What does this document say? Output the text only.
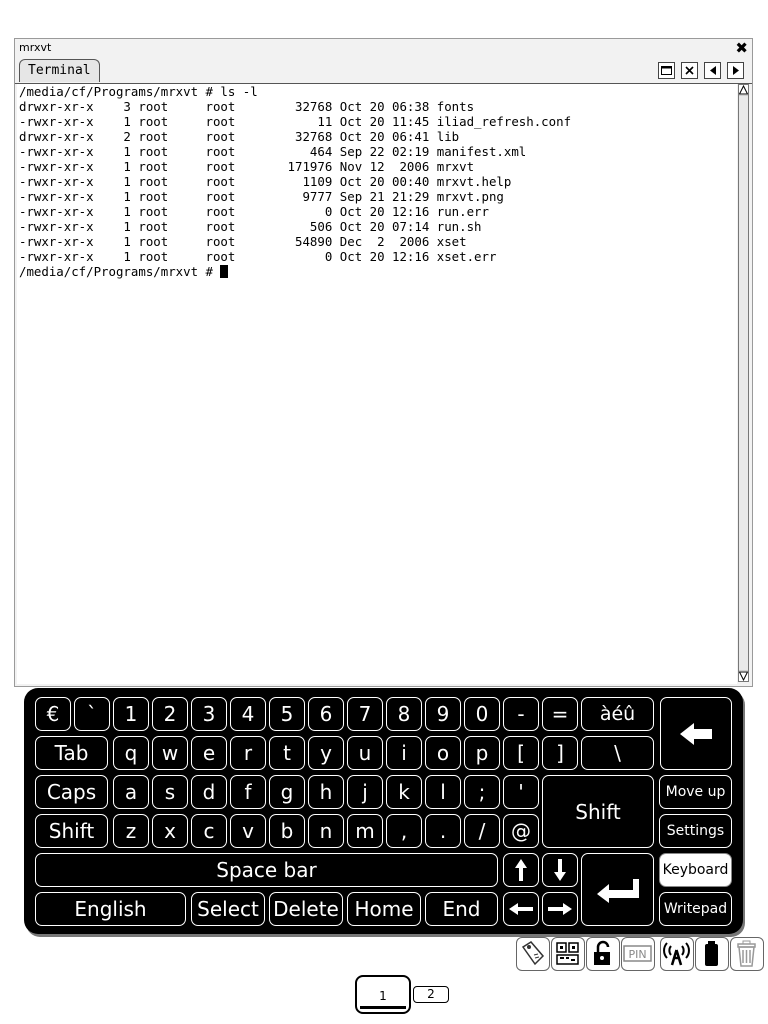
mrxvt	✖
Terminal
/media/cf/Programs/mrxvt # ls -l
drwxr-xr-x    3 root     root        32768 Oct 20 06:38 fonts
-rwxr-xr-x    1 root     root           11 Oct 20 11:45 iliad_refresh.conf
drwxr-xr-x    2 root     root        32768 Oct 20 06:41 lib
-rwxr-xr-x    1 root     root          464 Sep 22 02:19 manifest.xml
-rwxr-xr-x    1 root     root       171976 Nov 12  2006 mrxvt
-rwxr-xr-x    1 root     root         1109 Oct 20 00:40 mrxvt.help
-rwxr-xr-x    1 root     root         9777 Sep 21 21:29 mrxvt.png
-rwxr-xr-x    1 root     root            0 Oct 20 12:16 run.err
-rwxr-xr-x    1 root     root          506 Oct 20 07:14 run.sh
-rwxr-xr-x    1 root     root        54890 Dec  2  2006 xset
-rwxr-xr-x    1 root     root            0 Oct 20 12:16 xset.err
/media/cf/Programs/mrxvt #
€	`	1	2	3	4	5	6	7	8	9	0	-	=	àéû
Tab	q	w	e	r	t	y	u	i	o	p	[	]	\
Caps	a	s	d	f	g	h	j	k	l	;	'
Shift
Shift	z	x	c	v	b	n	m	,	.	/	@
Move up
Settings
Keyboard
Writepad
Space bar
English	Select Delete Home	End
PIN
1	2
